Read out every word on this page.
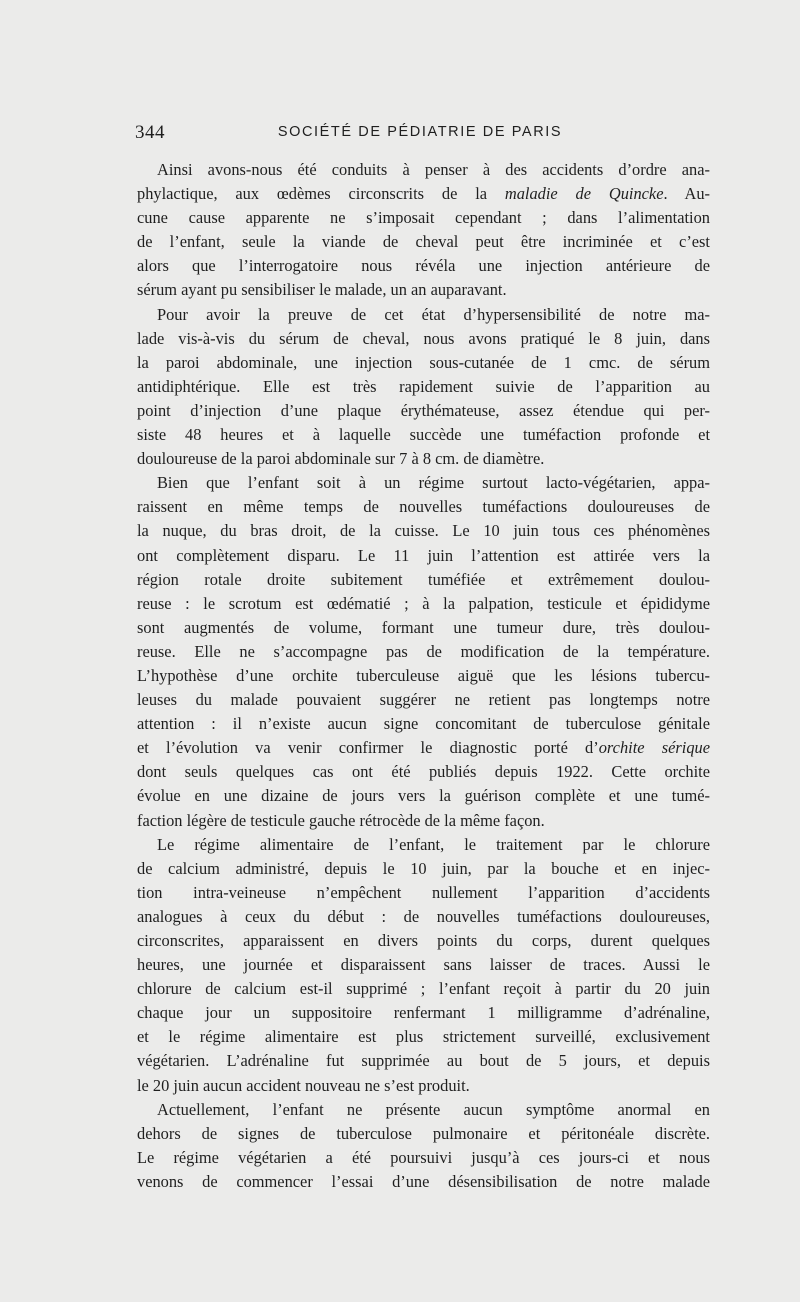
344	SOCIÉTÉ DE PÉDIATRIE DE PARIS
Ainsi avons-nous été conduits à penser à des accidents d’ordre ana-
phylactique, aux œdèmes circonscrits de la maladie de Quincke. Au-
cune cause apparente ne s’imposait cependant ; dans l’alimentation
de l’enfant, seule la viande de cheval peut être incriminée et c’est
alors que l’interrogatoire nous révéla une injection antérieure de
sérum ayant pu sensibiliser le malade, un an auparavant.
Pour avoir la preuve de cet état d’hypersensibilité de notre ma-
lade vis-à-vis du sérum de cheval, nous avons pratiqué le 8 juin, dans
la paroi abdominale, une injection sous-cutanée de 1 cmc. de sérum
antidiphtérique. Elle est très rapidement suivie de l’apparition au
point d’injection d’une plaque érythémateuse, assez étendue qui per-
siste 48 heures et à laquelle succède une tuméfaction profonde et
douloureuse de la paroi abdominale sur 7 à 8 cm. de diamètre.
Bien que l’enfant soit à un régime surtout lacto-végétarien, appa-
raissent en même temps de nouvelles tuméfactions douloureuses de
la nuque, du bras droit, de la cuisse. Le 10 juin tous ces phénomènes
ont complètement disparu. Le 11 juin l’attention est attirée vers la
région rotale droite subitement tuméfiée et extrêmement doulou-
reuse : le scrotum est œdématié ; à la palpation, testicule et épididyme
sont augmentés de volume, formant une tumeur dure, très doulou-
reuse. Elle ne s’accompagne pas de modification de la température.
L’hypothèse d’une orchite tuberculeuse aiguë que les lésions tubercu-
leuses du malade pouvaient suggérer ne retient pas longtemps notre
attention : il n’existe aucun signe concomitant de tuberculose génitale
et l’évolution va venir confirmer le diagnostic porté d’orchite sérique
dont seuls quelques cas ont été publiés depuis 1922. Cette orchite
évolue en une dizaine de jours vers la guérison complète et une tumé-
faction légère de testicule gauche rétrocède de la même façon.
Le régime alimentaire de l’enfant, le traitement par le chlorure
de calcium administré, depuis le 10 juin, par la bouche et en injec-
tion intra-veineuse n’empêchent nullement l’apparition d’accidents
analogues à ceux du début : de nouvelles tuméfactions douloureuses,
circonscrites, apparaissent en divers points du corps, durent quelques
heures, une journée et disparaissent sans laisser de traces. Aussi le
chlorure de calcium est-il supprimé ; l’enfant reçoit à partir du 20 juin
chaque jour un suppositoire renfermant 1 milligramme d’adrénaline,
et le régime alimentaire est plus strictement surveillé, exclusivement
végétarien. L’adrénaline fut supprimée au bout de 5 jours, et depuis
le 20 juin aucun accident nouveau ne s’est produit.
Actuellement, l’enfant ne présente aucun symptôme anormal en
dehors de signes de tuberculose pulmonaire et péritonéale discrète.
Le régime végétarien a été poursuivi jusqu’à ces jours-ci et nous
venons de commencer l’essai d’une désensibilisation de notre malade
